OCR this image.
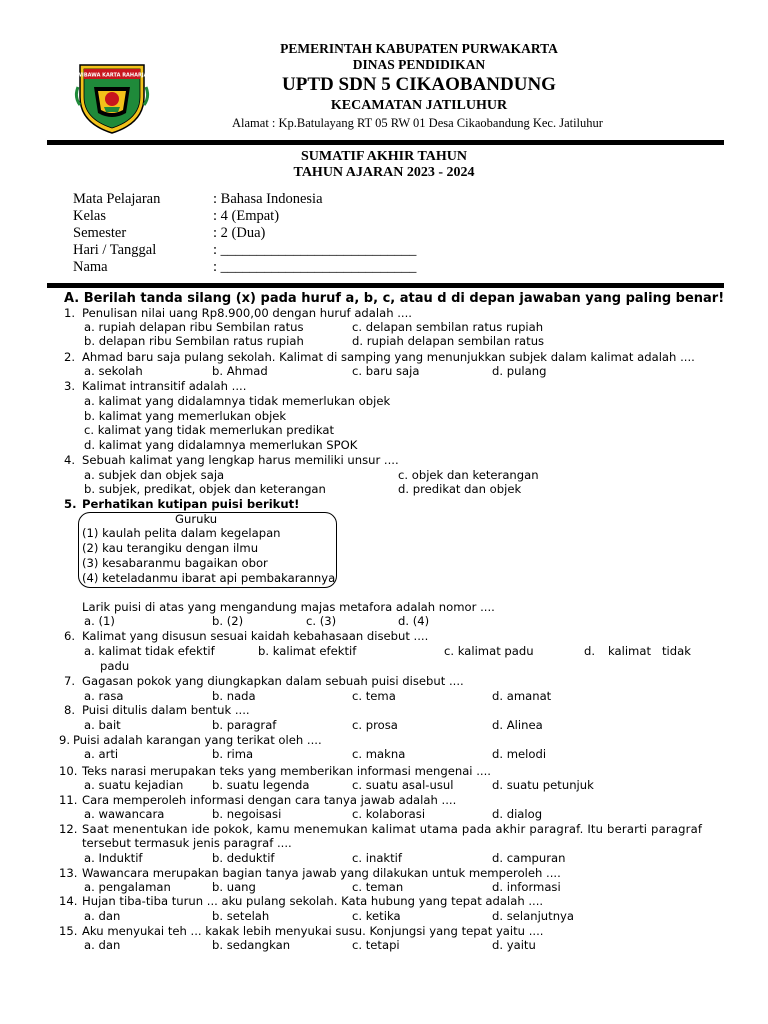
WIBAWA KARTA RAHARJA
PEMERINTAH KABUPATEN PURWAKARTA
DINAS PENDIDIKAN
UPTD SDN 5 CIKAOBANDUNG
KECAMATAN JATILUHUR
Alamat : Kp.Batulayang RT 05 RW 01 Desa Cikaobandung Kec. Jatiluhur
SUMATIF AKHIR TAHUN
TAHUN AJARAN 2023 - 2024
Mata Pelajaran	: Bahasa Indonesia
Kelas	: 4 (Empat)
Semester	: 2 (Dua)
Hari / Tanggal	: ___________________________
Nama	: ___________________________
A. Berilah tanda silang (x) pada huruf a, b, c, atau d di depan jawaban yang paling benar!
1. Penulisan nilai uang Rp8.900,00 dengan huruf adalah ....
a. rupiah delapan ribu Sembilan ratus	c. delapan sembilan ratus rupiah
b. delapan ribu Sembilan ratus rupiah	d. rupiah delapan sembilan ratus
2. Ahmad baru saja pulang sekolah. Kalimat di samping yang menunjukkan subjek dalam kalimat adalah ....
a. sekolah	b. Ahmad	c. baru saja	d. pulang
3. Kalimat intransitif adalah ....
a. kalimat yang didalamnya tidak memerlukan objek
b. kalimat yang memerlukan objek
c. kalimat yang tidak memerlukan predikat
d. kalimat yang didalamnya memerlukan SPOK
4. Sebuah kalimat yang lengkap harus memiliki unsur ....
a. subjek dan objek saja	c. objek dan keterangan
b. subjek, predikat, objek dan keterangan	d. predikat dan objek
5. Perhatikan kutipan puisi berikut!
Guruku
(1) kaulah pelita dalam kegelapan
(2) kau terangiku dengan ilmu
(3) kesabaranmu bagaikan obor
(4) keteladanmu ibarat api pembakarannya
Larik puisi di atas yang mengandung majas metafora adalah nomor ....
a. (1)	b. (2)	c. (3)	d. (4)
6. Kalimat yang disusun sesuai kaidah kebahasaan disebut ....
a. kalimat tidak efektif	b. kalimat efektif	c. kalimat padu	d. kalimat tidak
padu
7. Gagasan pokok yang diungkapkan dalam sebuah puisi disebut ....
a. rasa	b. nada	c. tema	d. amanat
8. Puisi ditulis dalam bentuk ....
a. bait	b. paragraf	c. prosa	d. Alinea
9. Puisi adalah karangan yang terikat oleh ....
a. arti	b. rima	c. makna	d. melodi
10. Teks narasi merupakan teks yang memberikan informasi mengenai ....
a. suatu kejadian b. suatu legenda	c. suatu asal-usul	d. suatu petunjuk
11. Cara memperoleh informasi dengan cara tanya jawab adalah ....
a. wawancara	b. negoisasi	c. kolaborasi	d. dialog
12. Saat menentukan ide pokok, kamu menemukan kalimat utama pada akhir paragraf. Itu berarti paragraf
tersebut termasuk jenis paragraf ....
a. Induktif	b. deduktif	c. inaktif	d. campuran
13. Wawancara merupakan bagian tanya jawab yang dilakukan untuk memperoleh ....
a. pengalaman	b. uang	c. teman	d. informasi
14. Hujan tiba-tiba turun ... aku pulang sekolah. Kata hubung yang tepat adalah ....
a. dan	b. setelah	c. ketika	d. selanjutnya
15. Aku menyukai teh ... kakak lebih menyukai susu. Konjungsi yang tepat yaitu ....
a. dan	b. sedangkan	c. tetapi	d. yaitu
